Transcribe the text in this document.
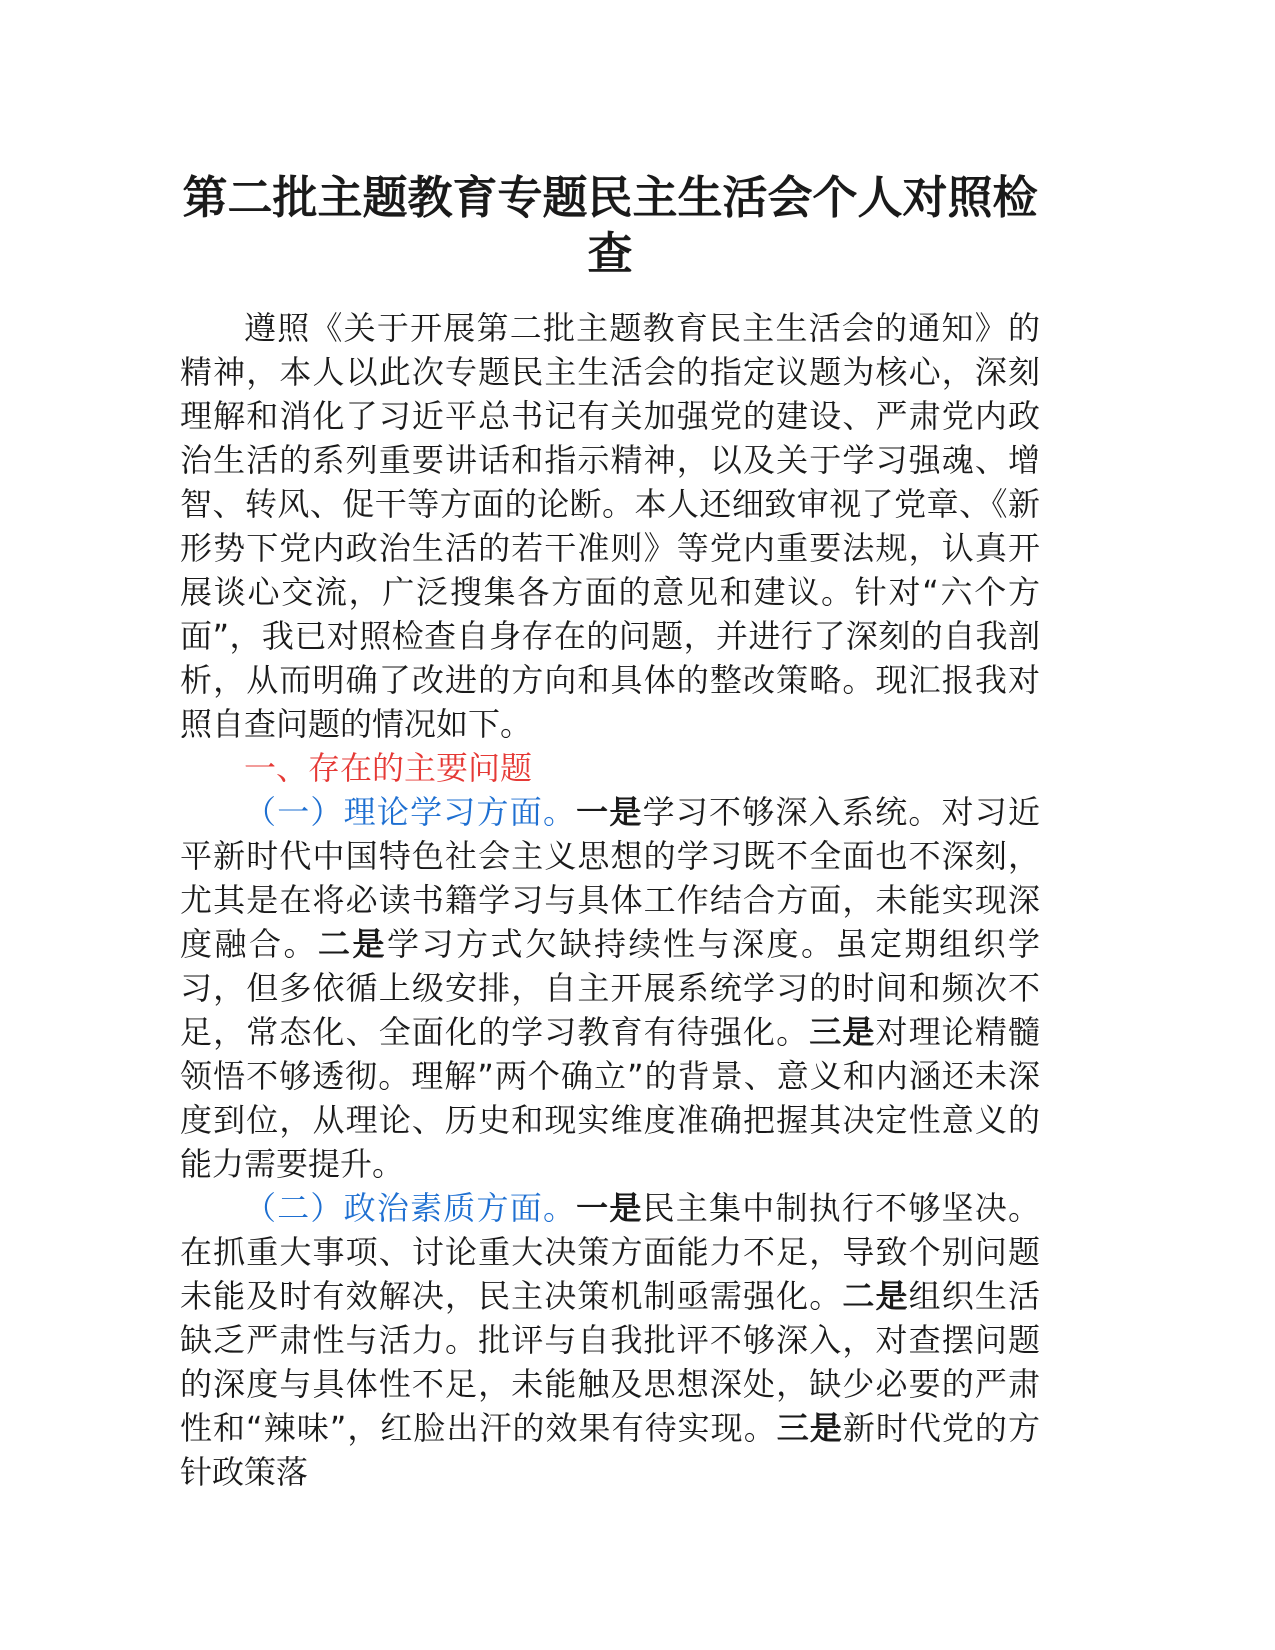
第二批主题教育专题民主生活会个人对照检查

遵照《关于开展第二批主题教育民主生活会的通知》的精神，本人以此次专题民主生活会的指定议题为核心，深刻理解和消化了习近平总书记有关加强党的建设、严肃党内政治生活的系列重要讲话和指示精神，以及关于学习强魂、增智、转风、促干等方面的论断。本人还细致审视了党章、《新形势下党内政治生活的若干准则》等党内重要法规，认真开展谈心交流，广泛搜集各方面的意见和建议。针对“六个方面”，我已对照检查自身存在的问题，并进行了深刻的自我剖析，从而明确了改进的方向和具体的整改策略。现汇报我对照自查问题的情况如下。

一、存在的主要问题

（一）理论学习方面。一是学习不够深入系统。对习近平新时代中国特色社会主义思想的学习既不全面也不深刻，尤其是在将必读书籍学习与具体工作结合方面，未能实现深度融合。二是学习方式欠缺持续性与深度。虽定期组织学习，但多依循上级安排，自主开展系统学习的时间和频次不足，常态化、全面化的学习教育有待强化。三是对理论精髓领悟不够透彻。理解”两个确立”的背景、意义和内涵还未深度到位，从理论、历史和现实维度准确把握其决定性意义的能力需要提升。

（二）政治素质方面。一是民主集中制执行不够坚决。在抓重大事项、讨论重大决策方面能力不足，导致个别问题未能及时有效解决，民主决策机制亟需强化。二是组织生活缺乏严肃性与活力。批评与自我批评不够深入，对查摆问题的深度与具体性不足，未能触及思想深处，缺少必要的严肃性和“辣味”，红脸出汗的效果有待实现。三是新时代党的方针政策落
